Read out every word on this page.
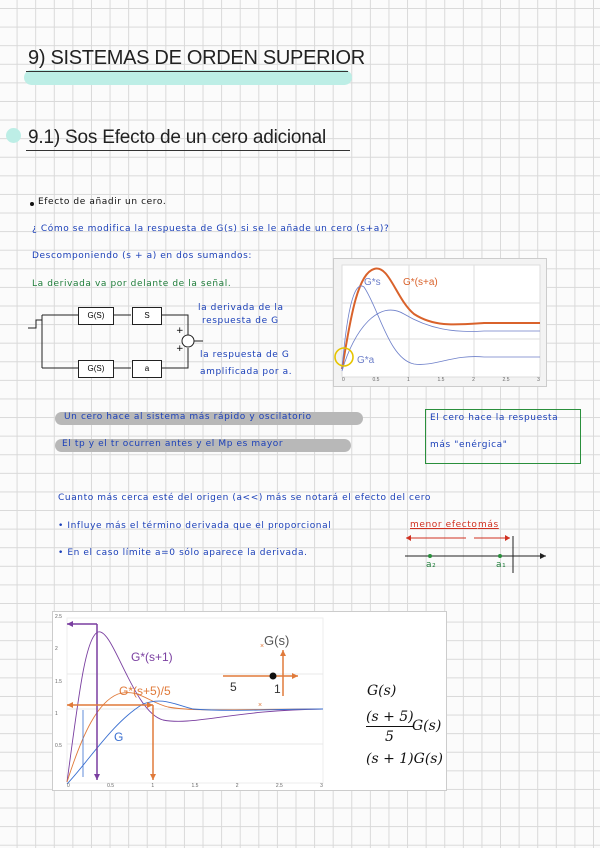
9) SISTEMAS DE ORDEN SUPERIOR
9.1) Sos Efecto de un cero adicional
Efecto de añadir un cero.
¿ Cómo se modifica la respuesta de G(s) si se le añade un cero (s+a)?
Descomponiendo (s + a) en dos sumandos:
La derivada va por delante de la señal.
G(S)	S
G(S)	a
+
+
la derivada de la
respuesta de G
la respuesta de G
amplificada por a.
G*s G*(s+a)
G*a
0	0.5	1	1.5	2	2.5	3
Un cero hace al sistema más rápido y oscilatorio
El tp y el tr ocurren antes y el Mp es mayor
El cero hace la respuesta
más "enérgica"
Cuanto más cerca esté del origen (a<<) más se notará el efecto del cero
• Influye más el término derivada que el proporcional
• En el caso límite a=0 sólo aparece la derivada.
menor efecto más
a₂	a₁
×
×
G*(s+1)
G*(s+5)/5
G
G(s)
5	1
2.5
2
1.5
1
0.5
0	0.5	1	1.5	2	2.5	3
G(s)
(s + 5)
G(s)
5
(s + 1)G(s)
